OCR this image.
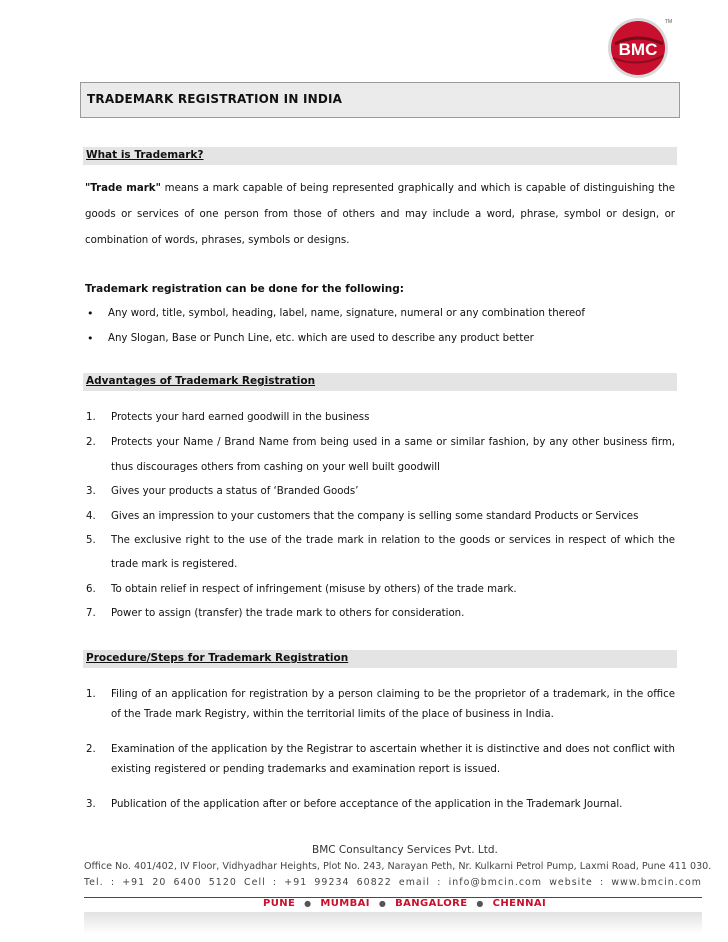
BMC
TM
TRADEMARK REGISTRATION IN INDIA
What is Trademark?
"Trade mark" means a mark capable of being represented graphically and which is capable of distinguishing the
goods or services of one person from those of others and may include a word, phrase, symbol or design, or
combination of words, phrases, symbols or designs.
Trademark registration can be done for the following:
• Any word, title, symbol, heading, label, name, signature, numeral or any combination thereof
• Any Slogan, Base or Punch Line, etc. which are used to describe any product better
Advantages of Trademark Registration
1. Protects your hard earned goodwill in the business
2. Protects your Name / Brand Name from being used in a same or similar fashion, by any other business firm,
thus discourages others from cashing on your well built goodwill
3. Gives your products a status of ‘Branded Goods’
4. Gives an impression to your customers that the company is selling some standard Products or Services
5. The exclusive right to the use of the trade mark in relation to the goods or services in respect of which the
trade mark is registered.
6. To obtain relief in respect of infringement (misuse by others) of the trade mark.
7. Power to assign (transfer) the trade mark to others for consideration.
Procedure/Steps for Trademark Registration
1. Filing of an application for registration by a person claiming to be the proprietor of a trademark, in the office
of the Trade mark Registry, within the territorial limits of the place of business in India.
2. Examination of the application by the Registrar to ascertain whether it is distinctive and does not conflict with
existing registered or pending trademarks and examination report is issued.
3. Publication of the application after or before acceptance of the application in the Trademark Journal.
BMC Consultancy Services Pvt. Ltd.
Office No. 401/402, IV Floor, Vidhyadhar Heights, Plot No. 243, Narayan Peth, Nr. Kulkarni Petrol Pump, Laxmi Road, Pune 411 030.
Tel. : +91 20 6400 5120 Cell : +91 99234 60822 email : info@bmcin.com website : www.bmcin.com
PUNE ● MUMBAI ● BANGALORE ● CHENNAI
